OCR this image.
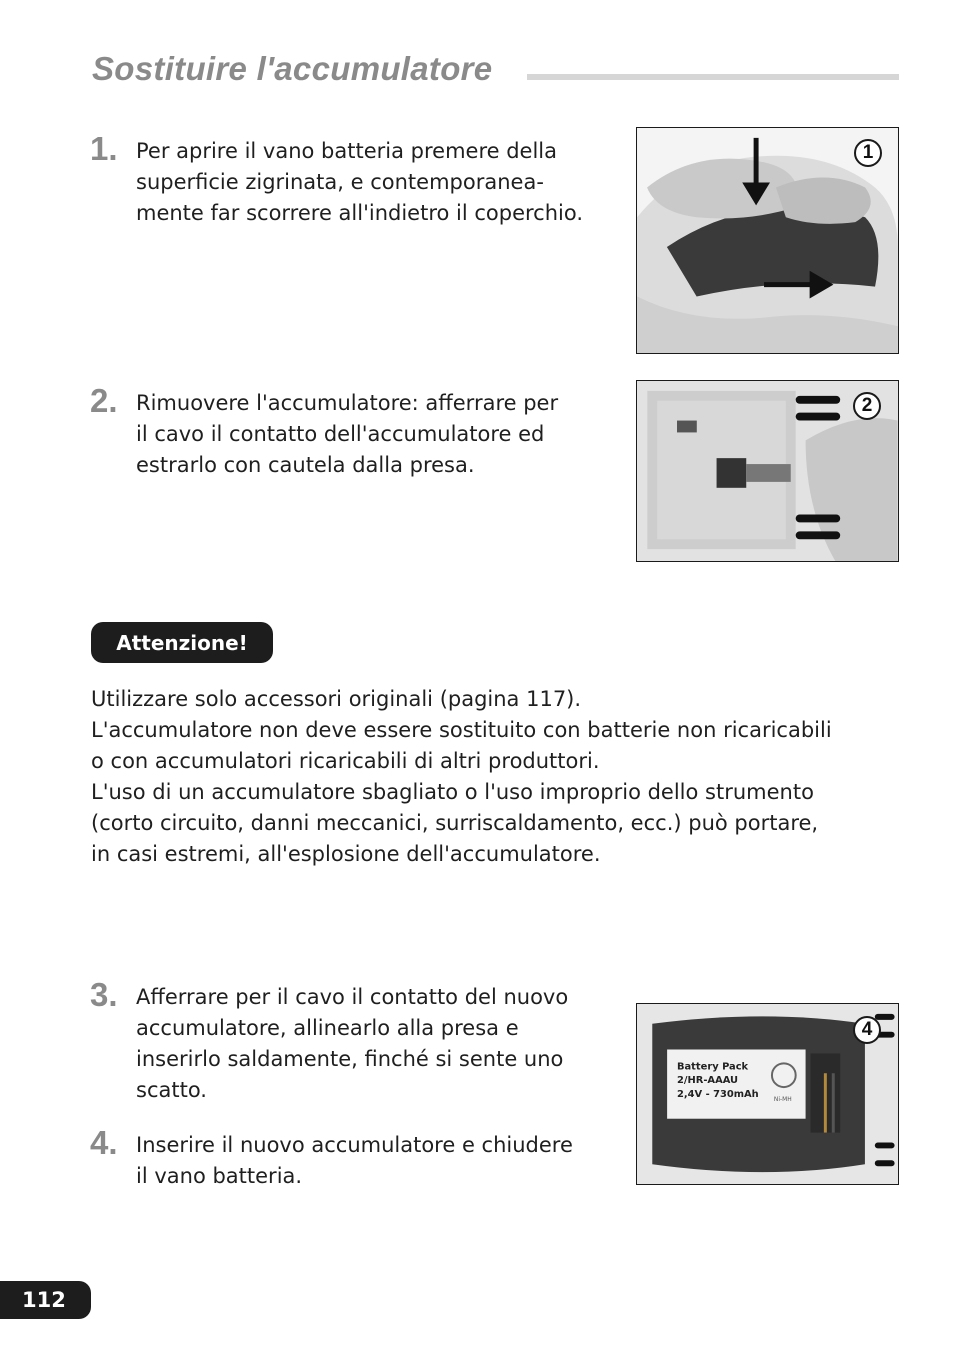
Sostituire l'accumulatore
1. Per aprire il vano batteria premere della
superficie zigrinata, e contemporanea-
mente far scorrere all'indietro il coperchio.
1
2. Rimuovere l'accumulatore: afferrare per
il cavo il contatto dell'accumulatore ed
estrarlo con cautela dalla presa.
2
Attenzione!
Utilizzare solo accessori originali (pagina 117).
L'accumulatore non deve essere sostituito con batterie non ricaricabili
o con accumulatori ricaricabili di altri produttori.
L'uso di un accumulatore sbagliato o l'uso improprio dello strumento
(corto circuito, danni meccanici, surriscaldamento, ecc.) può portare,
in casi estremi, all'esplosione dell'accumulatore.
3. Afferrare per il cavo il contatto del nuovo
accumulatore, allinearlo alla presa e
inserirlo saldamente, finché si sente uno
scatto.
4. Inserire il nuovo accumulatore e chiudere
il vano batteria.
Battery Pack
2/HR-AAAU
2,4V - 730mAh	Ni-MH
4
112
